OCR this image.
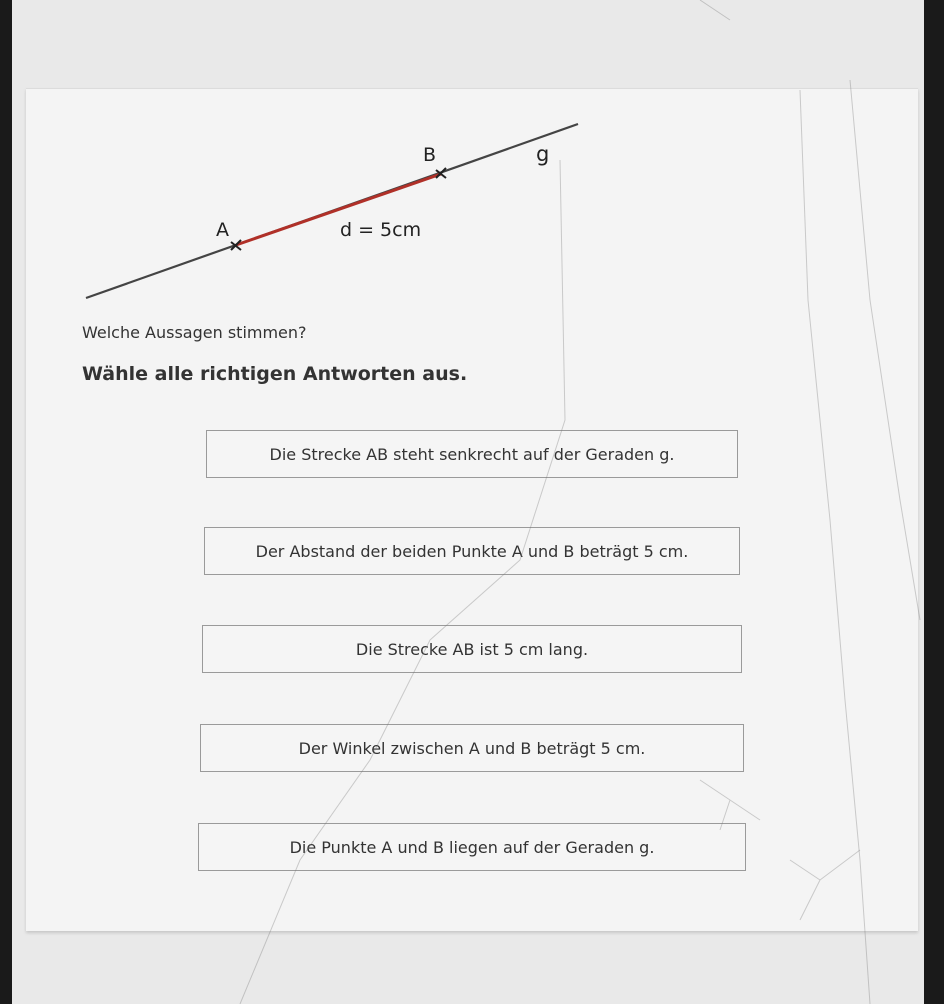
A
B	g
d = 5cm
Welche Aussagen stimmen?
Wähle alle richtigen Antworten aus.
Die Strecke AB steht senkrecht auf der Geraden g.
Der Abstand der beiden Punkte A und B beträgt 5 cm.
Die Strecke AB ist 5 cm lang.
Der Winkel zwischen A und B beträgt 5 cm.
Die Punkte A und B liegen auf der Geraden g.
